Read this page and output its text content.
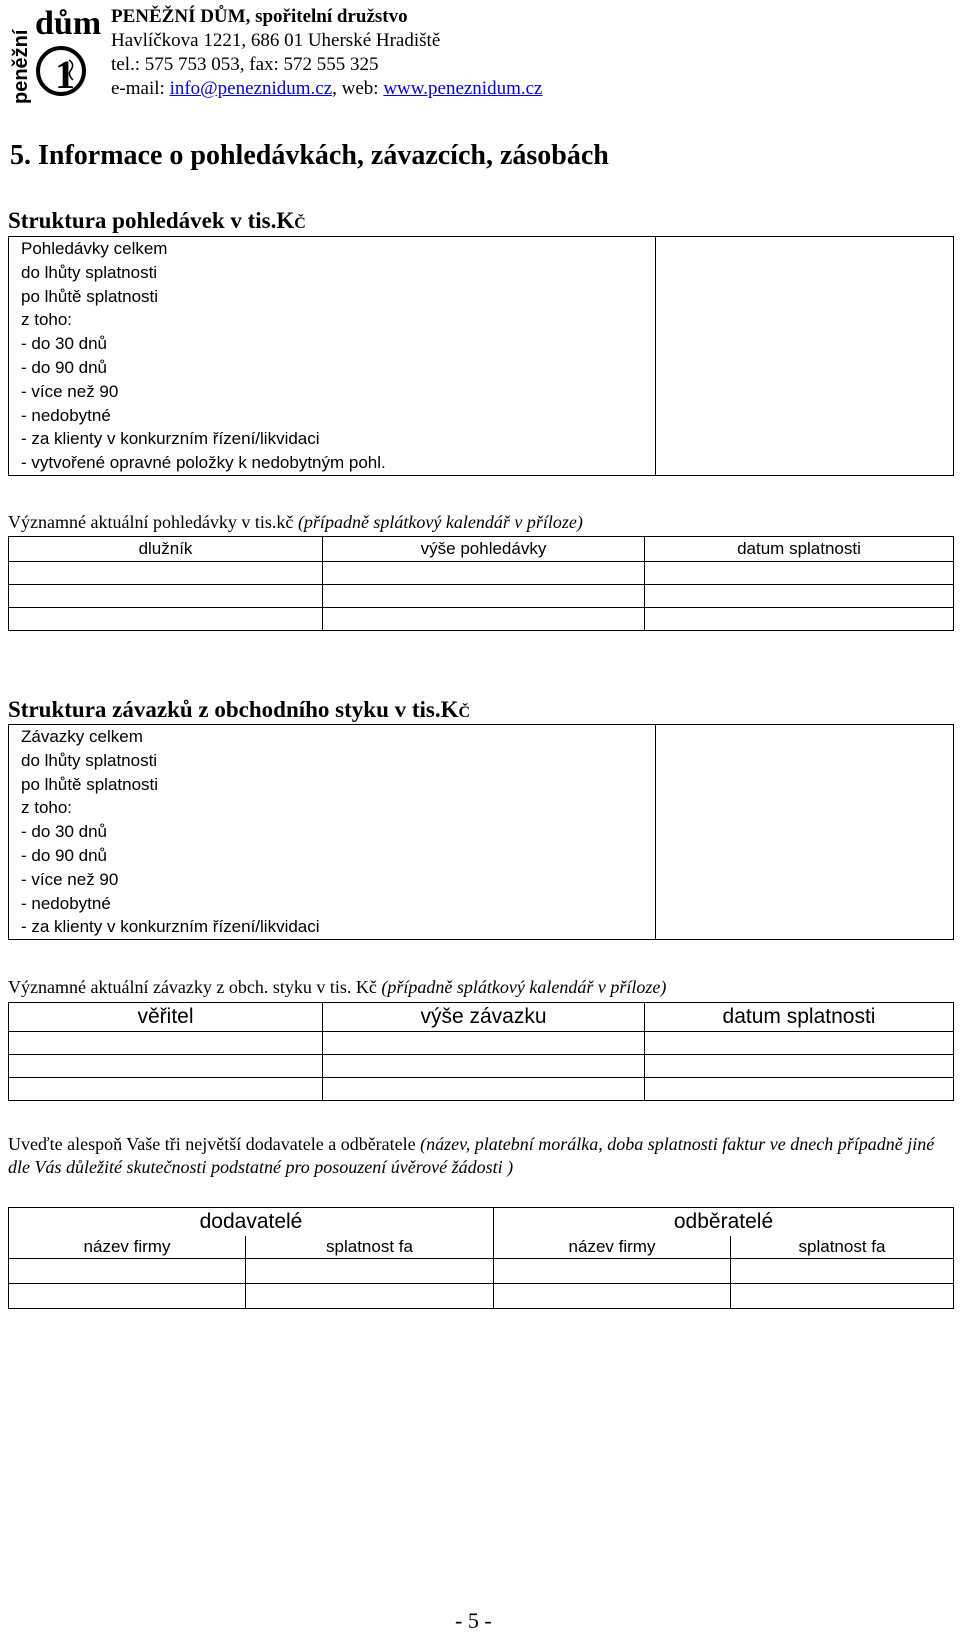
dům
peněžní 1
PENĚŽNÍ DŮM, spořitelní družstvo
Havlíčkova 1221, 686 01 Uherské Hradiště
tel.: 575 753 053, fax: 572 555 325
e-mail: info@peneznidum.cz, web: www.peneznidum.cz
5. Informace o pohledávkách, závazcích, zásobách
Struktura pohledávek v tis.Kč
Pohledávky celkem
do lhůty splatnosti
po lhůtě splatnosti
z toho:
- do 30 dnů
- do 90 dnů
- více než 90
- nedobytné
- za klienty v konkurzním řízení/likvidaci
- vytvořené opravné položky k nedobytným pohl.

Významné aktuální pohledávky v tis.kč (případně splátkový kalendář v příloze)
dlužník	výše pohledávky	datum splatnosti

Struktura závazků z obchodního styku v tis.Kč
Závazky celkem
do lhůty splatnosti
po lhůtě splatnosti
z toho:
- do 30 dnů
- do 90 dnů
- více než 90
- nedobytné
- za klienty v konkurzním řízení/likvidaci

Významné aktuální závazky z obch. styku v tis. Kč (případně splátkový kalendář v příloze)
věřitel	výše závazku	datum splatnosti

Uveďte alespoň Vaše tři největší dodavatele a odběratele (název, platební morálka, doba splatnosti faktur ve dnech případně jiné dle Vás důležité skutečnosti podstatné pro posouzení úvěrové žádosti )
dodavatelé		odběratelé	
název firmy	splatnost fa	název firmy	splatnost fa

- 5 -
